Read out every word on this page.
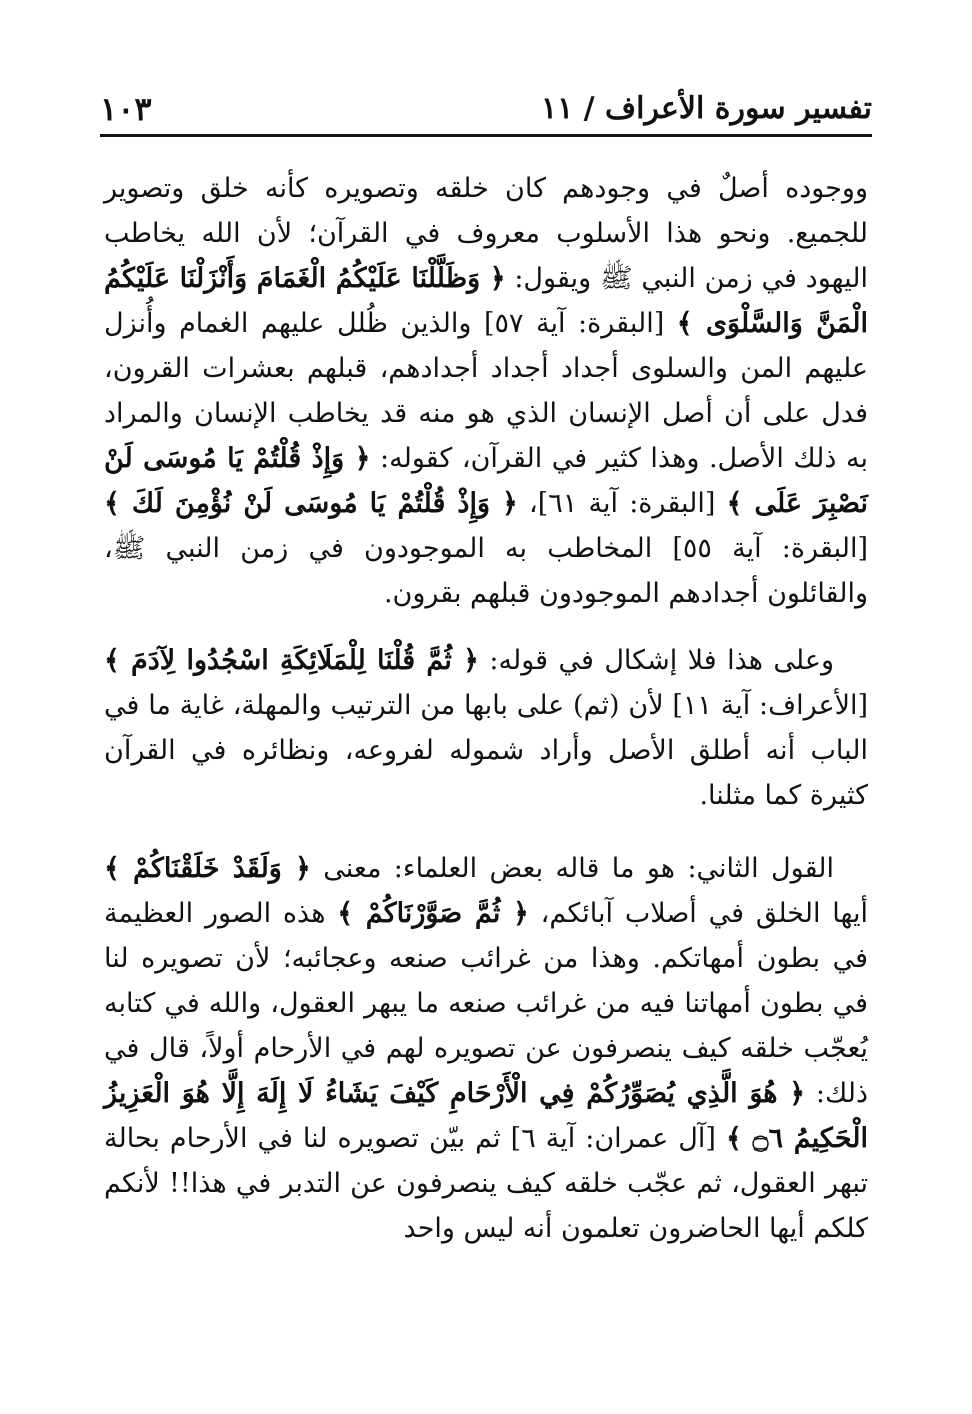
تفسير سورة الأعراف / ١١
١٠٣

ووجوده أصلٌ في وجودهم كان خلقه وتصويره كأنه خلق وتصوير للجميع. ونحو هذا الأسلوب معروف في القرآن؛ لأن الله يخاطب اليهود في زمن النبي ﷺ ويقول: ﴿ وَظَلَّلْنَا عَلَيْكُمُ الْغَمَامَ وَأَنْزَلْنَا عَلَيْكُمُ الْمَنَّ وَالسَّلْوَى ﴾ [البقرة: آية ٥٧] والذين ظُلل عليهم الغمام وأُنزل عليهم المن والسلوى أجداد أجداد أجدادهم، قبلهم بعشرات القرون، فدل على أن أصل الإنسان الذي هو منه قد يخاطب الإنسان والمراد به ذلك الأصل. وهذا كثير في القرآن، كقوله: ﴿ وَإِذْ قُلْتُمْ يَا مُوسَى لَنْ نَصْبِرَ عَلَى ﴾ [البقرة: آية ٦١]، ﴿ وَإِذْ قُلْتُمْ يَا مُوسَى لَنْ نُؤْمِنَ لَكَ ﴾ [البقرة: آية ٥٥] المخاطب به الموجودون في زمن النبي ﷺ، والقائلون أجدادهم الموجودون قبلهم بقرون.

وعلى هذا فلا إشكال في قوله: ﴿ ثُمَّ قُلْنَا لِلْمَلَائِكَةِ اسْجُدُوا لِآدَمَ ﴾ [الأعراف: آية ١١] لأن (ثم) على بابها من الترتيب والمهلة، غاية ما في الباب أنه أطلق الأصل وأراد شموله لفروعه، ونظائره في القرآن كثيرة كما مثلنا.

القول الثاني: هو ما قاله بعض العلماء: معنى ﴿ وَلَقَدْ خَلَقْنَاكُمْ ﴾ أيها الخلق في أصلاب آبائكم، ﴿ ثُمَّ صَوَّرْنَاكُمْ ﴾ هذه الصور العظيمة في بطون أمهاتكم. وهذا من غرائب صنعه وعجائبه؛ لأن تصويره لنا في بطون أمهاتنا فيه من غرائب صنعه ما يبهر العقول، والله في كتابه يُعجّب خلقه كيف ينصرفون عن تصويره لهم في الأرحام أولاً، قال في ذلك: ﴿ هُوَ الَّذِي يُصَوِّرُكُمْ فِي الْأَرْحَامِ كَيْفَ يَشَاءُ لَا إِلَهَ إِلَّا هُوَ الْعَزِيزُ الْحَكِيمُ ۝٦ ﴾ [آل عمران: آية ٦] ثم بيّن تصويره لنا في الأرحام بحالة تبهر العقول، ثم عجّب خلقه كيف ينصرفون عن التدبر في هذا!! لأنكم كلكم أيها الحاضرون تعلمون أنه ليس واحد
